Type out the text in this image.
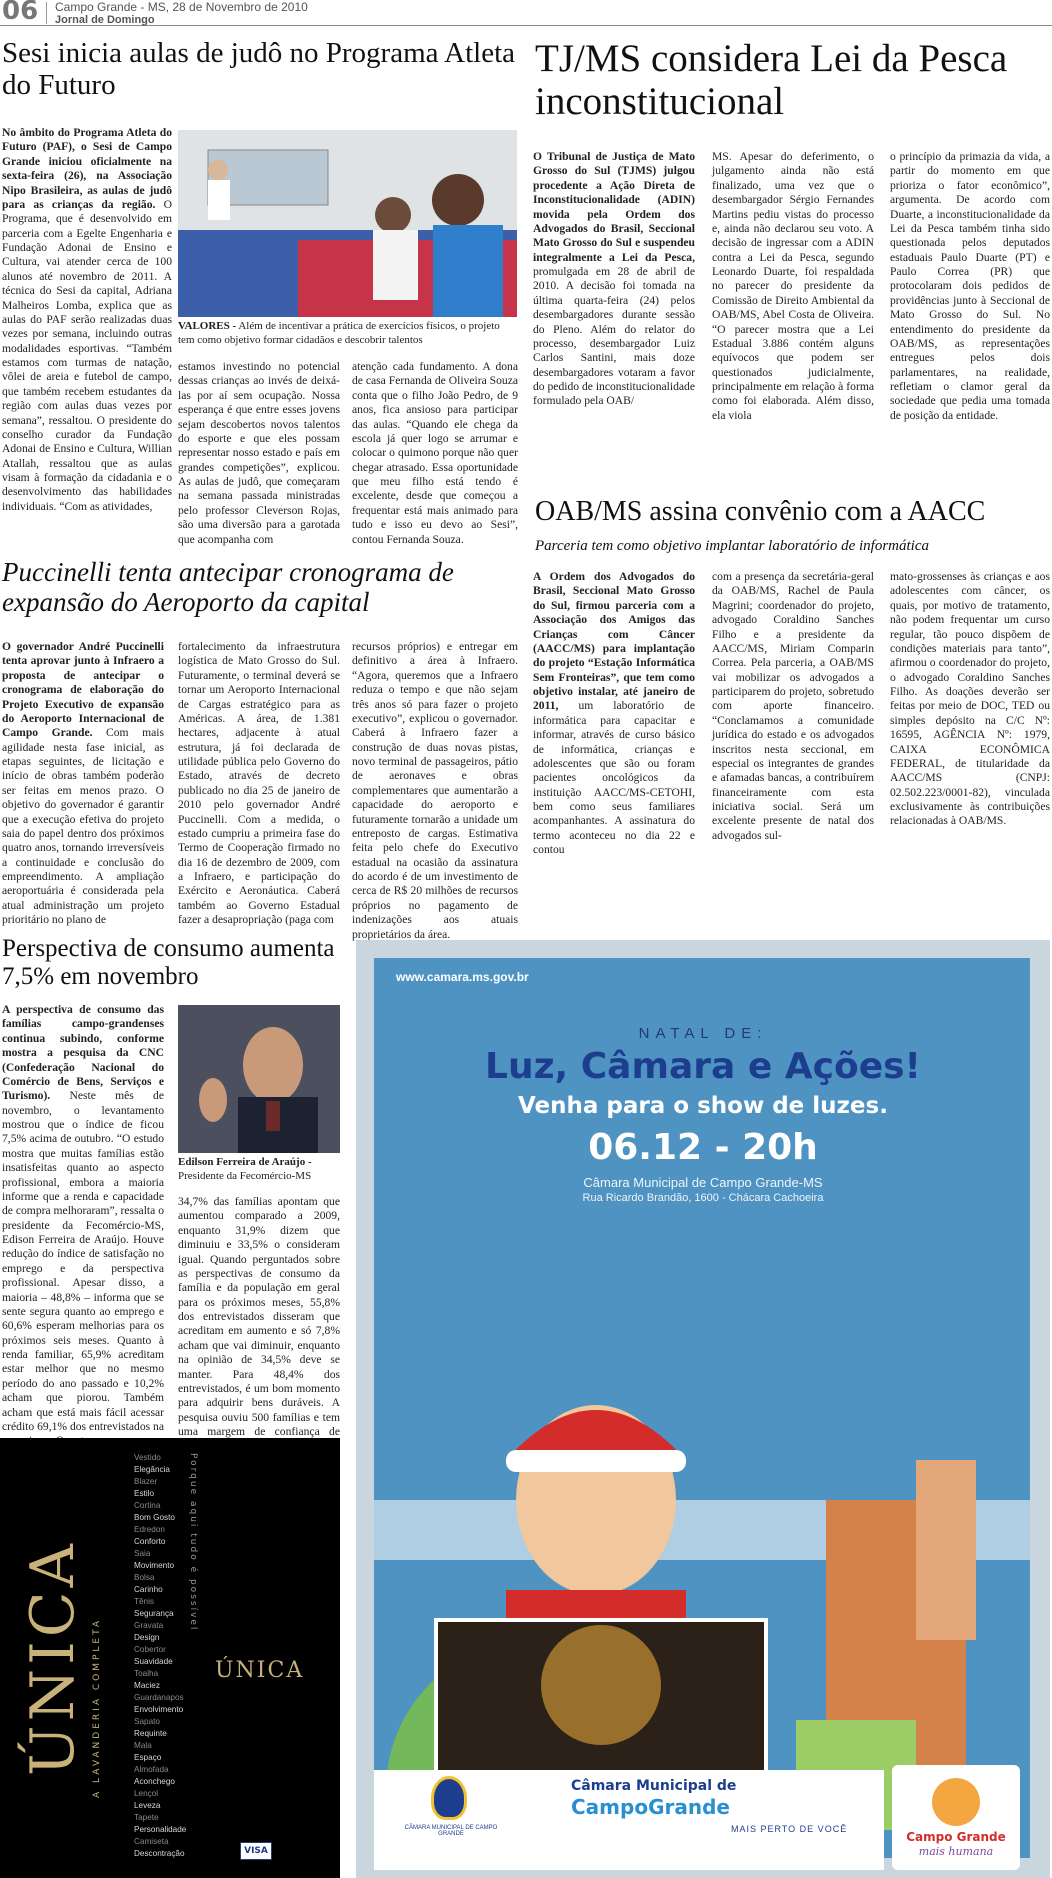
06 Campo Grande - MS, 28 de Novembro de 2010
Jornal de Domingo
Sesi inicia aulas de judô no Programa Atleta do Futuro
No âmbito do Programa Atleta do Futuro (PAF), o Sesi de Campo Grande iniciou oficialmente na sexta-feira (26), na Associação Nipo Brasileira, as aulas de judô para as crianças da região. O Programa, que é desenvolvido em parceria com a Egelte Engenharia e Fundação Adonai de Ensino e Cultura, vai atender cerca de 100 alunos até novembro de 2011. A técnica do Sesi da capital, Adriana Malheiros Lomba, explica que as aulas do PAF serão realizadas duas vezes por semana, incluindo outras modalidades esportivas. “Também estamos com turmas de natação, vôlei de areia e futebol de campo, que também recebem estudantes da região com aulas duas vezes por semana”, ressaltou. O presidente do conselho curador da Fundação Adonai de Ensino e Cultura, Willian Atallah, ressaltou que as aulas visam à formação da cidadania e o desenvolvimento das habilidades individuais. “Com as atividades,
VALORES - Além de incentivar a prática de exercícios físicos, o projeto tem como objetivo formar cidadãos e descobrir talentos
estamos investindo no potencial dessas crianças ao invés de deixá-las por aí sem ocupação. Nossa esperança é que entre esses jovens sejam descobertos novos talentos do esporte e que eles possam representar nosso estado e país em grandes competições”, explicou. As aulas de judô, que começaram na semana passada ministradas pelo professor Cleverson Rojas, são uma diversão para a garotada que acompanha com
atenção cada fundamento. A dona de casa Fernanda de Oliveira Souza conta que o filho João Pedro, de 9 anos, fica ansioso para participar das aulas. “Quando ele chega da escola já quer logo se arrumar e colocar o quimono porque não quer chegar atrasado. Essa oportunidade que meu filho está tendo é excelente, desde que começou a frequentar está mais animado para tudo e isso eu devo ao Sesi”, contou Fernanda Souza.
TJ/MS considera Lei da Pesca inconstitucional
O Tribunal de Justiça de Mato Grosso do Sul (TJMS) julgou procedente a Ação Direta de Inconstitucionalidade (ADIN) movida pela Ordem dos Advogados do Brasil, Seccional Mato Grosso do Sul e suspendeu integralmente a Lei da Pesca, promulgada em 28 de abril de 2010. A decisão foi tomada na última quarta-feira (24) pelos desembargadores durante sessão do Pleno. Além do relator do processo, desembargador Luiz Carlos Santini, mais doze desembargadores votaram a favor do pedido de inconstitucionalidade formulado pela OAB/
MS. Apesar do deferimento, o julgamento ainda não está finalizado, uma vez que o desembargador Sérgio Fernandes Martins pediu vistas do processo e, ainda não declarou seu voto. A decisão de ingressar com a ADIN contra a Lei da Pesca, segundo Leonardo Duarte, foi respaldada no parecer do presidente da Comissão de Direito Ambiental da OAB/MS, Abel Costa de Oliveira. “O parecer mostra que a Lei Estadual 3.886 contém alguns equívocos que podem ser questionados judicialmente, principalmente em relação à forma como foi elaborada. Além disso, ela viola
o princípio da primazia da vida, a partir do momento em que prioriza o fator econômico”, argumenta. De acordo com Duarte, a inconstitucionalidade da Lei da Pesca também tinha sido questionada pelos deputados estaduais Paulo Duarte (PT) e Paulo Correa (PR) que protocolaram dois pedidos de providências junto à Seccional de Mato Grosso do Sul. No entendimento do presidente da OAB/MS, as representações entregues pelos dois parlamentares, na realidade, refletiam o clamor geral da sociedade que pedia uma tomada de posição da entidade.
OAB/MS assina convênio com a AACC
Parceria tem como objetivo implantar laboratório de informática
A Ordem dos Advogados do Brasil, Seccional Mato Grosso do Sul, firmou parceria com a Associação dos Amigos das Crianças com Câncer (AACC/MS) para implantação do projeto “Estação Informática Sem Fronteiras”, que tem como objetivo instalar, até janeiro de 2011, um laboratório de informática para capacitar e informar, através de curso básico de informática, crianças e adolescentes que são ou foram pacientes oncológicos da instituição AACC/MS-CETOHI, bem como seus familiares acompanhantes. A assinatura do termo aconteceu no dia 22 e contou
com a presença da secretária-geral da OAB/MS, Rachel de Paula Magrini; coordenador do projeto, advogado Coraldino Sanches Filho e a presidente da AACC/MS, Miriam Comparin Correa. Pela parceria, a OAB/MS vai mobilizar os advogados a participarem do projeto, sobretudo com aporte financeiro. “Conclamamos a comunidade jurídica do estado e os advogados inscritos nesta seccional, em especial os integrantes de grandes e afamadas bancas, a contribuírem financeiramente com esta iniciativa social. Será um excelente presente de natal dos advogados sul-
mato-grossenses às crianças e aos adolescentes com câncer, os quais, por motivo de tratamento, não podem frequentar um curso regular, tão pouco dispõem de condições materiais para tanto”, afirmou o coordenador do projeto, o advogado Coraldino Sanches Filho. As doações deverão ser feitas por meio de DOC, TED ou simples depósito na C/C Nº: 16595, AGÊNCIA Nº: 1979, CAIXA ECONÔMICA FEDERAL, de titularidade da AACC/MS (CNPJ: 02.502.223/0001-82), vinculada exclusivamente às contribuições relacionadas à OAB/MS.
Puccinelli tenta antecipar cronograma de expansão do Aeroporto da capital
O governador André Puccinelli tenta aprovar junto à Infraero a proposta de antecipar o cronograma de elaboração do Projeto Executivo de expansão do Aeroporto Internacional de Campo Grande. Com mais agilidade nesta fase inicial, as etapas seguintes, de licitação e início de obras também poderão ser feitas em menos prazo. O objetivo do governador é garantir que a execução efetiva do projeto saia do papel dentro dos próximos quatro anos, tornando irreversíveis a continuidade e conclusão do empreendimento. A ampliação aeroportuária é considerada pela atual administração um projeto prioritário no plano de
fortalecimento da infraestrutura logística de Mato Grosso do Sul. Futuramente, o terminal deverá se tornar um Aeroporto Internacional de Cargas estratégico para as Américas. A área, de 1.381 hectares, adjacente à atual estrutura, já foi declarada de utilidade pública pelo Governo do Estado, através de decreto publicado no dia 25 de janeiro de 2010 pelo governador André Puccinelli. Com a medida, o estado cumpriu a primeira fase do Termo de Cooperação firmado no dia 16 de dezembro de 2009, com a Infraero, e participação do Exército e Aeronáutica. Caberá também ao Governo Estadual fazer a desapropriação (paga com
recursos próprios) e entregar em definitivo a área à Infraero. “Agora, queremos que a Infraero reduza o tempo e que não sejam três anos só para fazer o projeto executivo”, explicou o governador. Caberá à Infraero fazer a construção de duas novas pistas, novo terminal de passageiros, pátio de aeronaves e obras complementares que aumentarão a capacidade do aeroporto e futuramente tornarão a unidade um entreposto de cargas. Estimativa feita pelo chefe do Executivo estadual na ocasião da assinatura do acordo é de um investimento de cerca de R$ 20 milhões de recursos próprios no pagamento de indenizações aos atuais proprietários da área.
Perspectiva de consumo aumenta 7,5% em novembro
A perspectiva de consumo das famílias campo-grandenses continua subindo, conforme mostra a pesquisa da CNC (Confederação Nacional do Comércio de Bens, Serviços e Turismo). Neste mês de novembro, o levantamento mostrou que o índice de ficou 7,5% acima de outubro. “O estudo mostra que muitas famílias estão insatisfeitas quanto ao aspecto profissional, embora a maioria informe que a renda e capacidade de compra melhoraram”, ressalta o presidente da Fecomércio-MS, Edison Ferreira de Araújo. Houve redução do índice de satisfação no emprego e da perspectiva profissional. Apesar disso, a maioria – 48,8% – informa que se sente segura quanto ao emprego e 60,6% esperam melhorias para os próximos seis meses. Quanto à renda familiar, 65,9% acreditam estar melhor que no mesmo período do ano passado e 10,2% acham que piorou. Também acham que está mais fácil acessar crédito 69,1% dos entrevistados na
Edilson Ferreira de Araújo -
Presidente da Fecomércio-MS
34,7% das famílias apontam que aumentou comparado a 2009, enquanto 31,9% dizem que diminuiu e 33,5% o consideram igual. Quando perguntados sobre as perspectivas de consumo da família e da população em geral para os próximos meses, 55,8% dos entrevistados disseram que acreditam em aumento e só 7,8% acham que vai diminuir, enquanto na opinião de 34,5% deve se manter. Para 48,4% dos entrevistados, é um bom momento para adquirir bens duráveis. A pesquisa ouviu 500 famílias e tem uma margem de confiança de
ÚNICA A LAVANDERIA COMPLETA
Porque aqui tudo é possível
Vestido
Elegância
Blazer
Estilo
Cortina
Bom Gosto
Edredon
Conforto
Saia
Movimento
Bolsa
Carinho
Tênis
Segurança
Gravata
Design
Cobertor
Suavidade
Toalha
Maciez
Guardanapos
Envolvimento
Sapato
Requinte
Mala
Espaço
Almofada
Aconchego
Lençol
Leveza
Tapete
Personalidade
Camiseta
Descontração
ÚNICA
VISA
www.camara.ms.gov.br
NATAL DE:
Luz, Câmara e Ações!
Venha para o show de luzes.
06.12 - 20h
Câmara Municipal de Campo Grande-MS
Rua Ricardo Brandão, 1600 - Chácara Cachoeira
CÂMARA MUNICIPAL DE CAMPO GRANDE
Câmara Municipal de
CampoGrande
MAIS PERTO DE VOCÊ
Campo Grande
mais humana
